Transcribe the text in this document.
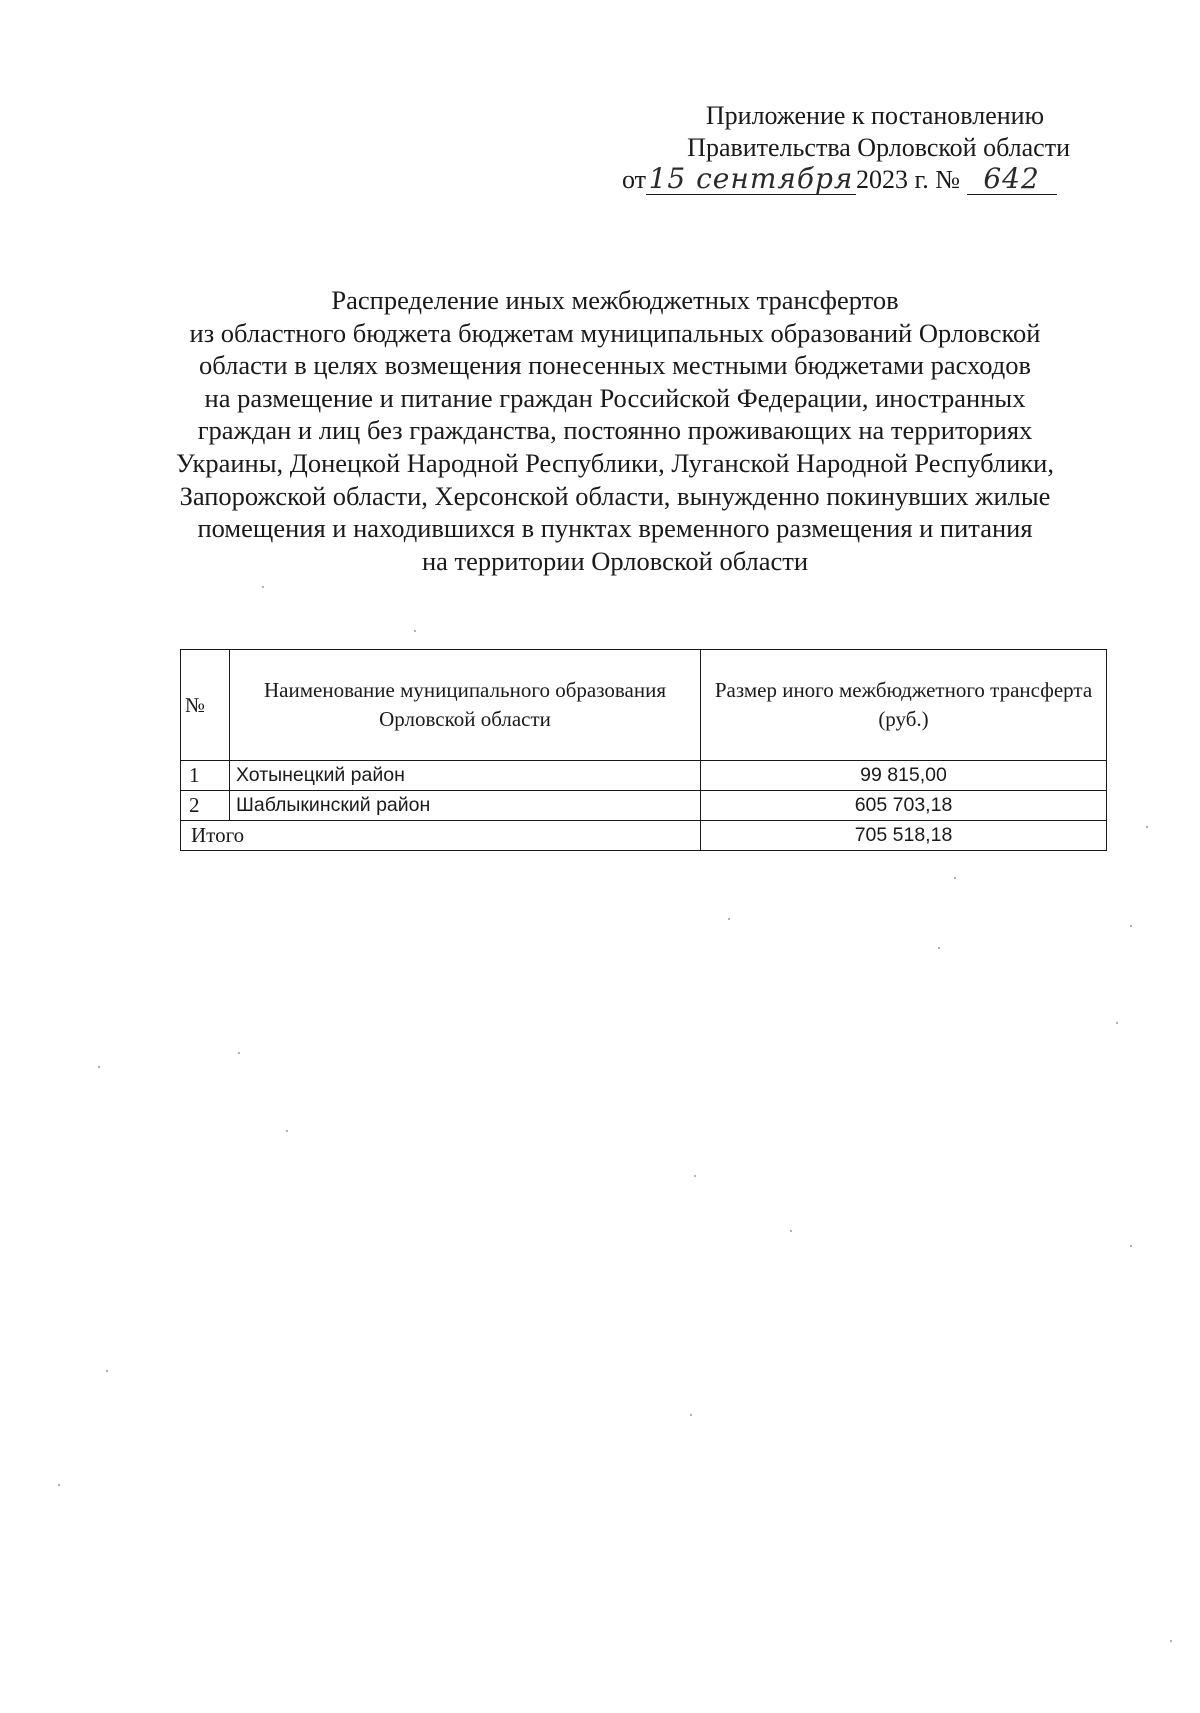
Приложение к постановлению
Правительства Орловской области
от15 сентября2023 г. № 642
Распределение иных межбюджетных трансфертов
из областного бюджета бюджетам муниципальных образований Орловской
области в целях возмещения понесенных местными бюджетами расходов
на размещение и питание граждан Российской Федерации, иностранных
граждан и лиц без гражданства, постоянно проживающих на территориях
Украины, Донецкой Народной Республики, Луганской Народной Республики,
Запорожской области, Херсонской области, вынужденно покинувших жилые
помещения и находившихся в пунктах временного размещения и питания
на территории Орловской области
№	Наименование муниципального образования Орловской области	Размер иного межбюджетного трансферта (руб.)
1	Хотынецкий район	99 815,00
2	Шаблыкинский район	605 703,18
Итого		705 518,18
